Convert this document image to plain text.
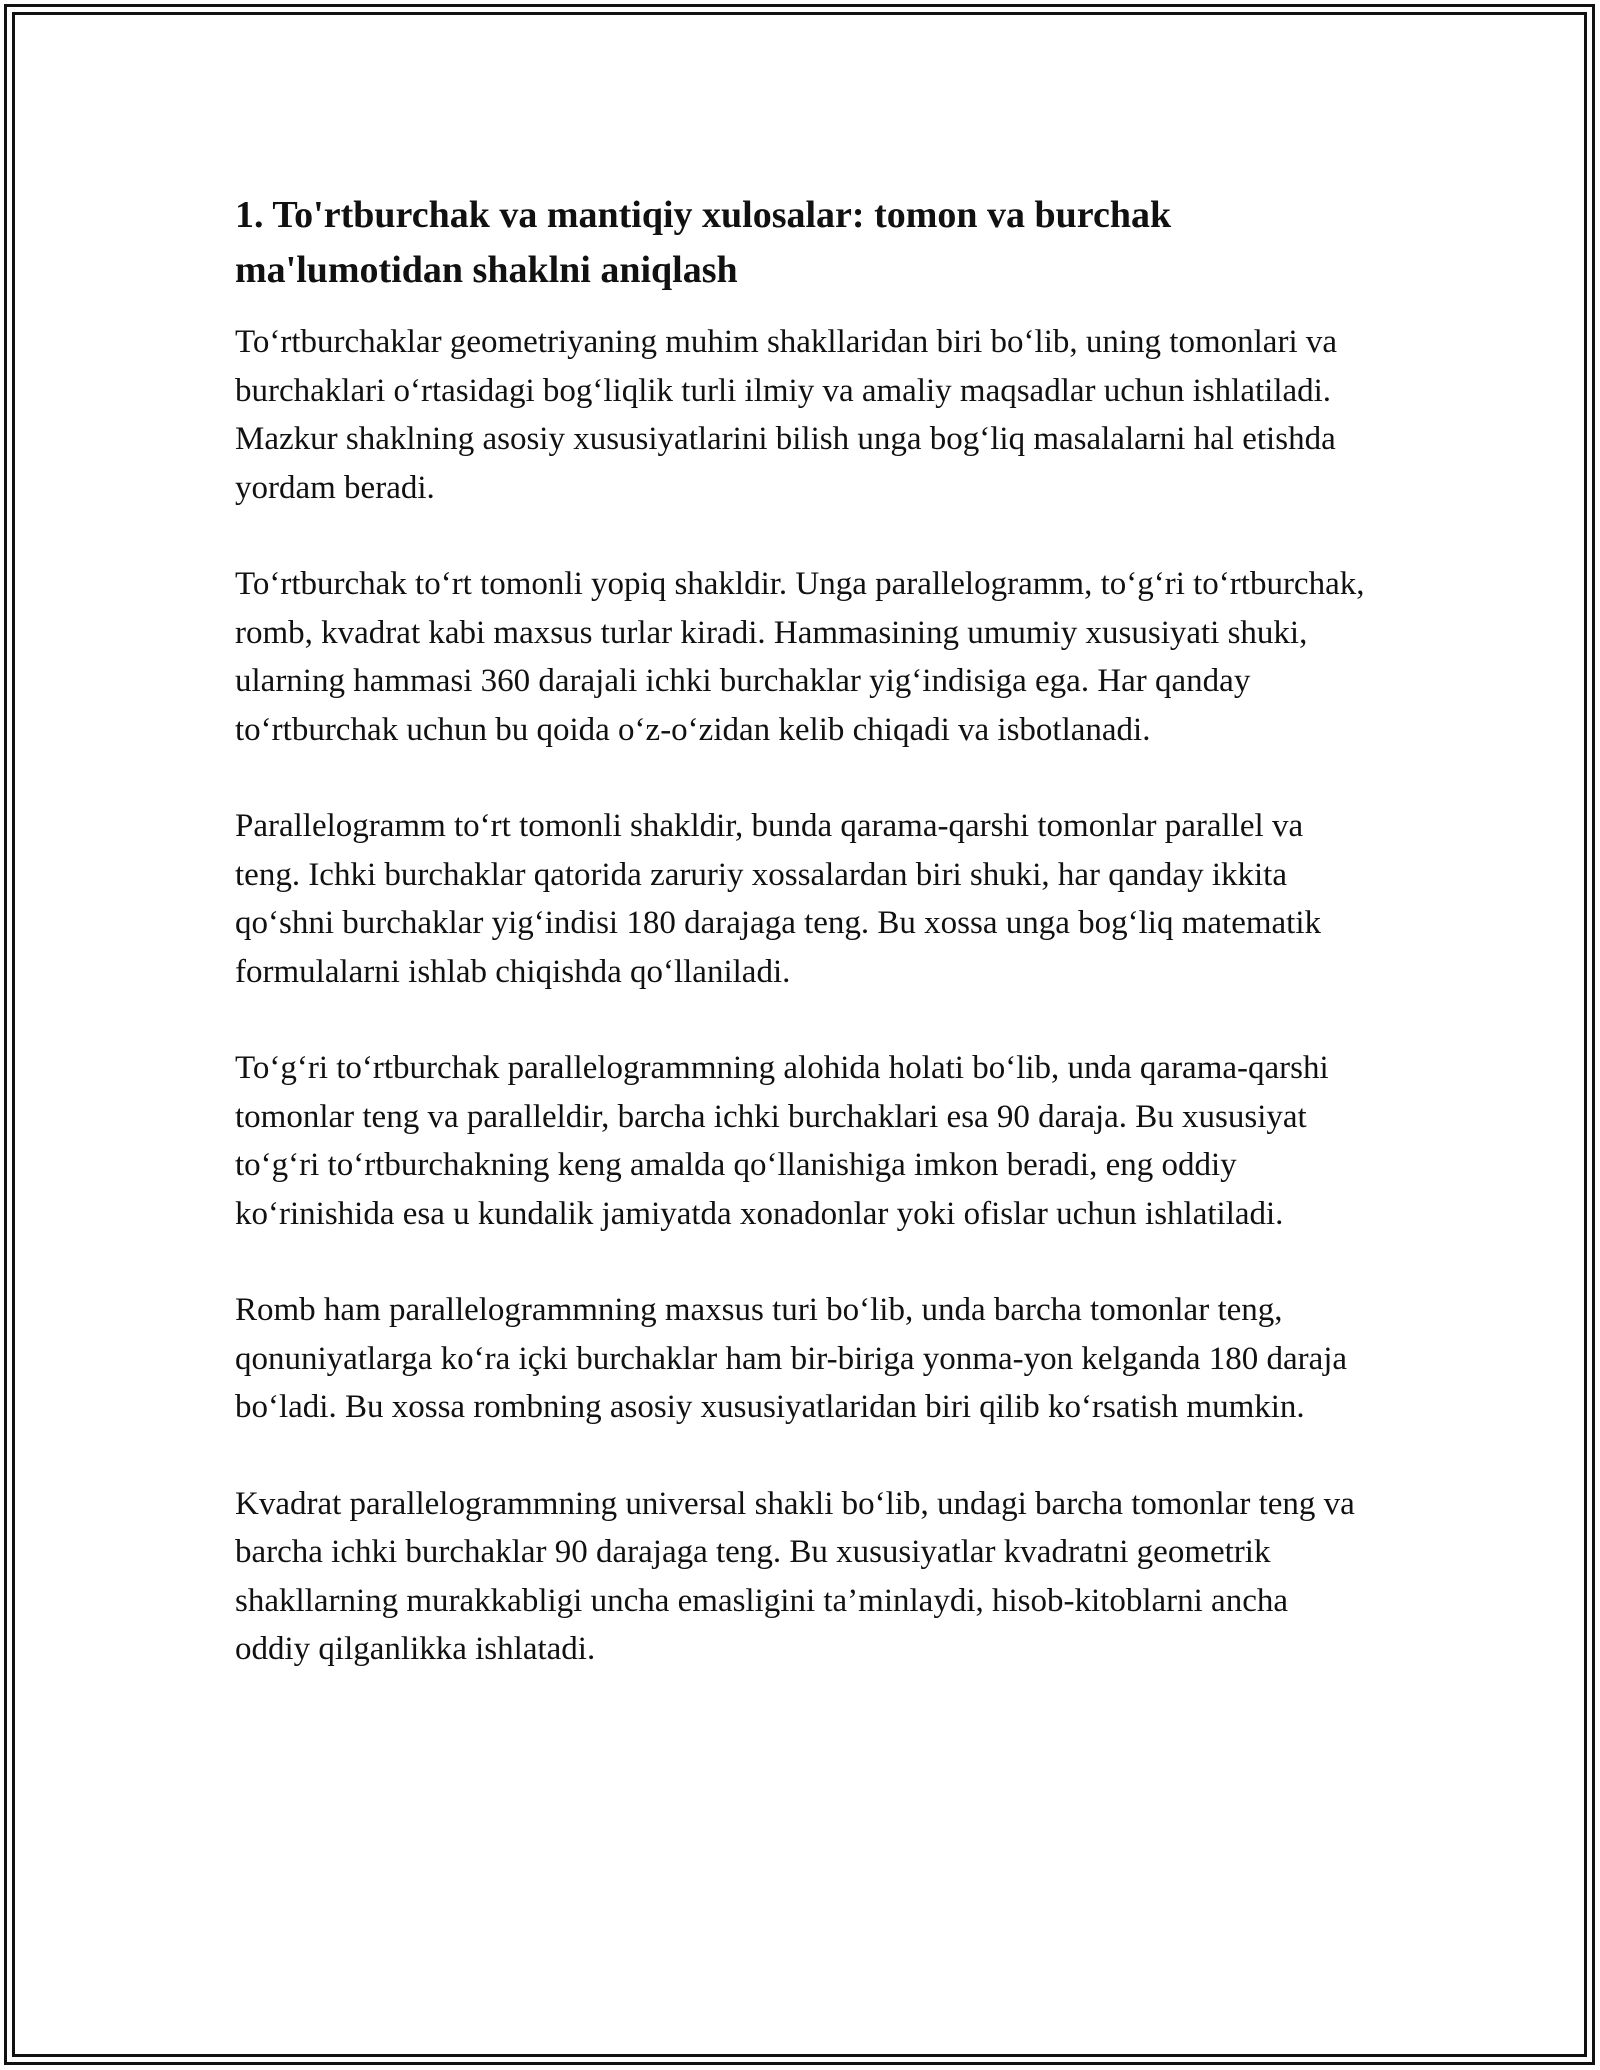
1. To'rtburchak va mantiqiy xulosalar: tomon va burchak ma'lumotidan shaklni aniqlash

To‘rtburchaklar geometriyaning muhim shakllaridan biri bo‘lib, uning tomonlari va burchaklari o‘rtasidagi bog‘liqlik turli ilmiy va amaliy maqsadlar uchun ishlatiladi. Mazkur shaklning asosiy xususiyatlarini bilish unga bog‘liq masalalarni hal etishda yordam beradi.

To‘rtburchak to‘rt tomonli yopiq shakldir. Unga parallelogramm, to‘g‘ri to‘rtburchak, romb, kvadrat kabi maxsus turlar kiradi. Hammasining umumiy xususiyati shuki, ularning hammasi 360 darajali ichki burchaklar yig‘indisiga ega. Har qanday to‘rtburchak uchun bu qoida o‘z-o‘zidan kelib chiqadi va isbotlanadi.

Parallelogramm to‘rt tomonli shakldir, bunda qarama-qarshi tomonlar parallel va teng. Ichki burchaklar qatorida zaruriy xossalardan biri shuki, har qanday ikkita qo‘shni burchaklar yig‘indisi 180 darajaga teng. Bu xossa unga bog‘liq matematik formulalarni ishlab chiqishda qo‘llaniladi.

To‘g‘ri to‘rtburchak parallelogrammning alohida holati bo‘lib, unda qarama-qarshi tomonlar teng va paralleldir, barcha ichki burchaklari esa 90 daraja. Bu xususiyat to‘g‘ri to‘rtburchakning keng amalda qo‘llanishiga imkon beradi, eng oddiy ko‘rinishida esa u kundalik jamiyatda xonadonlar yoki ofislar uchun ishlatiladi.

Romb ham parallelogrammning maxsus turi bo‘lib, unda barcha tomonlar teng, qonuniyatlarga ko‘ra içki burchaklar ham bir-biriga yonma-yon kelganda 180 daraja bo‘ladi. Bu xossa rombning asosiy xususiyatlaridan biri qilib ko‘rsatish mumkin.

Kvadrat parallelogrammning universal shakli bo‘lib, undagi barcha tomonlar teng va barcha ichki burchaklar 90 darajaga teng. Bu xususiyatlar kvadratni geometrik shakllarning murakkabligi uncha emasligini ta’minlaydi, hisob-kitoblarni ancha oddiy qilganlikka ishlatadi.
